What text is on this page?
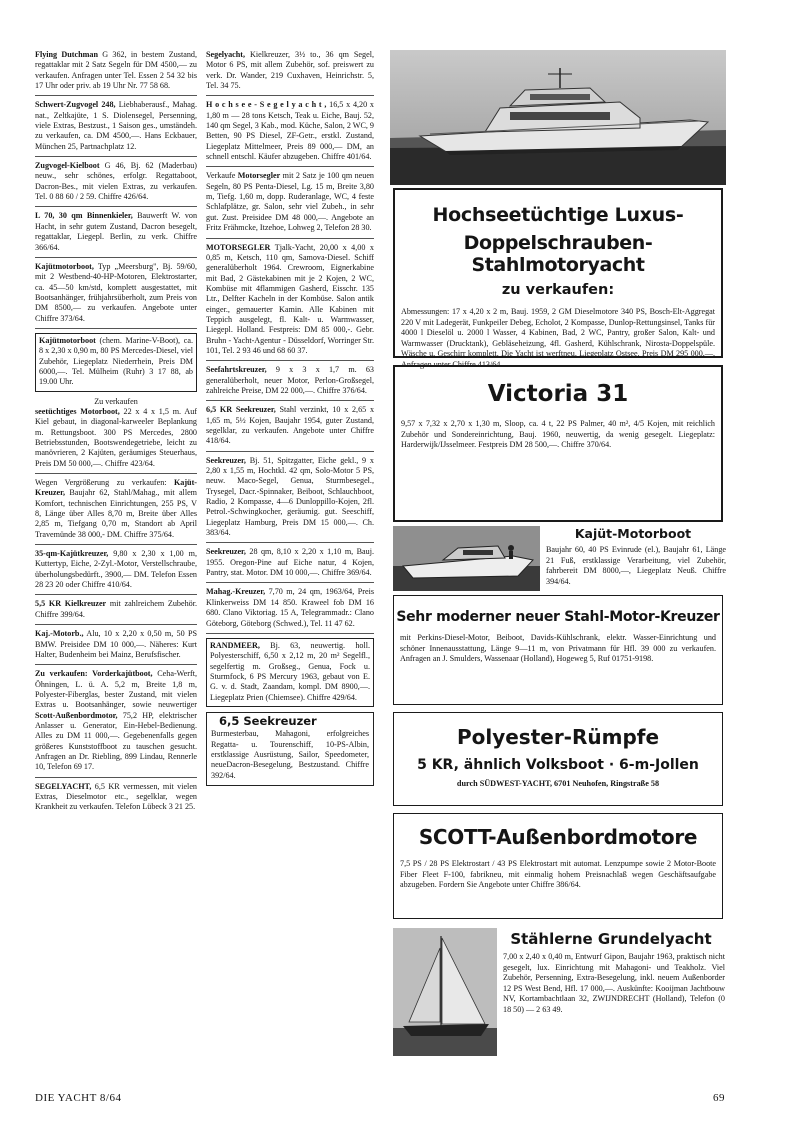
Flying Dutchman G 362, in bestem Zustand, regattaklar mit 2 Satz Segeln für DM 4500,— zu verkaufen. Anfragen unter Tel. Essen 2 54 32 bis 17 Uhr oder priv. ab 19 Uhr Nr. 77 58 68.
Schwert-Zugvogel 248, Liebhaberausf., Mahag. nat., Zeltkajüte, 1 S. Diolensegel, Persenning, viele Extras, Bestzust., 1 Saison ges., umständeh. zu verkaufen, ca. DM 4500,—. Hans Eckbauer, München 25, Partnachplatz 12.
Zugvogel-Kielboot G 46, Bj. 62 (Maderbau) neuw., sehr schönes, erfolgr. Regattaboot, Dacron-Bes., mit vielen Extras, zu verkaufen. Tel. 0 88 60 / 2 59. Chiffre 426/64.
L 70, 30 qm Binnenkieler, Bauwerft W. von Hacht, in sehr gutem Zustand, Dacron besegelt, regattaklar, Liegepl. Berlin, zu verk. Chiffre 366/64.
Kajütmotorboot, Typ „Meersburg", Bj. 59/60, mit 2 Westbend-40-HP-Motoren, Elektrostarter, ca. 45—50 km/std, komplett ausgestattet, mit Bootsanhänger, frühjahrsüberholt, zum Preis von DM 8500,— zu verkaufen. Angebote unter Chiffre 373/64.
Kajütmotorboot (chem. Marine-V-Boot), ca. 8 x 2,30 x 0,90 m, 80 PS Mercedes-Diesel, viel Zubehör, Liegeplatz Niederrhein, Preis DM 6000,—. Tel. Mülheim (Ruhr) 3 17 88, ab 19.00 Uhr.
Zu verkaufen
seetüchtiges Motorboot, 22 x 4 x 1,5 m. Auf Kiel gebaut, in diagonal-karweeler Beplankung m. Rettungsboot. 300 PS Mercedes, 2800 Betriebsstunden, Bootswendegetriebe, leicht zu manövrieren, 2 Kajüten, geräumiges Steuerhaus, Preis DM 50 000,—. Chiffre 423/64.
Wegen Vergrößerung zu verkaufen: Kajüt-Kreuzer, Baujahr 62, Stahl/Mahag., mit allem Komfort, technischen Einrichtungen, 255 PS, V 8, Länge über Alles 8,70 m, Breite über Alles 2,85 m, Tiefgang 0,70 m, Standort ab April Travemünde 38 000,- DM. Chiffre 375/64.
35-qm-Kajütkreuzer, 9,80 x 2,30 x 1,00 m, Kuttertyp, Eiche, 2-Zyl.-Motor, Verstellschraube, überholungsbedürft., 3900,— DM. Telefon Essen 28 23 20 oder Chiffre 410/64.
5,5 KR Kielkreuzer mit zahlreichem Zubehör. Chiffre 399/64.
Kaj.-Motorb., Alu, 10 x 2,20 x 0,50 m, 50 PS BMW. Preisidee DM 10 000,—. Näheres: Kurt Halter, Budenheim bei Mainz, Berufsfischer.
Zu verkaufen: Vorderkajütboot, Ceha-Werft, Öhningen, L. ü. A. 5,2 m, Breite 1,8 m, Polyester-Fiberglas, bester Zustand, mit vielen Extras u. Bootsanhänger, sowie neuwertiger Scott-Außenbordmotor, 75,2 HP, elektrischer Anlasser u. Generator, Ein-Hebel-Bedienung. Alles zu DM 11 000,—. Gegebenenfalls gegen größeres Kunststoffboot zu tauschen gesucht. Anfragen an Dr. Riebling, 899 Lindau, Rennerle 10, Telefon 69 17.
SEGELYACHT, 6,5 KR vermessen, mit vielen Extras, Dieselmotor etc., segelklar, wegen Krankheit zu verkaufen. Telefon Lübeck 3 21 25.
Segelyacht, Kielkreuzer, 3½ to., 36 qm Segel, Motor 6 PS, mit allem Zubehör, sof. preiswert zu verk. Dr. Wander, 219 Cuxhaven, Heinrichstr. 5, Tel. 34 75.
H o c h s e e - S e g e l y a c h t , 16,5 x 4,20 x 1,80 m — 28 tons Ketsch, Teak u. Eiche, Bauj. 52, 140 qm Segel, 3 Kab., mod. Küche, Salon, 2 WC, 9 Betten, 90 PS Diesel, ZF-Getr., erstkl. Zustand, Liegeplatz Mittelmeer, Preis 89 000,— DM, an schnell entschl. Käufer abzugeben. Chiffre 401/64.
Verkaufe Motorsegler mit 2 Satz je 100 qm neuen Segeln, 80 PS Penta-Diesel, Lg. 15 m, Breite 3,80 m, Tiefg. 1,60 m, dopp. Ruderanlage, WC, 4 feste Schlafplätze, gr. Salon, sehr viel Zubeh., in sehr gut. Zust. Preisidee DM 48 000,—. Angebote an Fritz Frähmcke, Itzehoe, Lohweg 2, Telefon 28 30.
MOTORSEGLER Tjalk-Yacht, 20,00 x 4,00 x 0,85 m, Ketsch, 110 qm, Samova-Diesel. Schiff generalüberholt 1964. Crewroom, Eignerkabine mit Bad, 2 Gästekabinen mit je 2 Kojen, 2 WC, Kombüse mit 4flammigen Gasherd, Eisschr. 135 Ltr., Delfter Kacheln in der Kombüse. Salon antik einger., gemauerter Kamin. Alle Kabinen mit Teppich ausgelegt, fl. Kalt- u. Warmwasser, Liegepl. Holland. Festpreis: DM 85 000,-. Gebr. Bruhn - Yacht-Agentur - Düsseldorf, Worringer Str. 101, Tel. 2 93 46 und 68 60 37.
Seefahrtskreuzer, 9 x 3 x 1,7 m. 63 generalüberholt, neuer Motor, Perlon-Großsegel, zahlreiche Preise, DM 22 000,—. Chiffre 376/64.
6,5 KR Seekreuzer, Stahl verzinkt, 10 x 2,65 x 1,65 m, 5½ Kojen, Baujahr 1954, guter Zustand, segelklar, zu verkaufen. Angebote unter Chiffre 418/64.
Seekreuzer, Bj. 51, Spitzgatter, Eiche gekl., 9 x 2,80 x 1,55 m, Hochtkl. 42 qm, Solo-Motor 5 PS, neuw. Maco-Segel, Genua, Sturmbesegel., Trysegel, Dacr.-Spinnaker, Beiboot, Schlauchboot, Radio, 2 Kompasse, 4—6 Dunloppillo-Kojen, 2fl. Petrol.-Schwingkocher, geräumig. gut. Seeschiff, Liegeplatz Hamburg, Preis DM 15 000,—. Ch. 383/64.
Seekreuzer, 28 qm, 8,10 x 2,20 x 1,10 m, Bauj. 1955. Oregon-Pine auf Eiche natur, 4 Kojen, Pantry, stat. Motor. DM 10 000,—. Chiffre 369/64.
Mahag.-Kreuzer, 7,70 m, 24 qm, 1963/64, Preis Klinkerweiss DM 14 850. Kraweel fob DM 16 680. Clano Viktoriag. 15 A, Telegrammadr.: Clano Göteborg, Göteborg (Schwed.), Tel. 11 47 62.
RANDMEER, Bj. 63, neuwertig. holl. Polyesterschiff, 6,50 x 2,12 m, 20 m² Segelfl., segelfertig m. Großseg., Genua, Fock u. Sturmfock, 6 PS Mercury 1963, gebaut von E. G. v. d. Stadt, Zaandam, kompl. DM 8900,—. Liegeplatz Prien (Chiemsee). Chiffre 429/64.
6,5 Seekreuzer
Burmesterbau, Mahagoni, erfolgreiches Regatta- u. Tourenschiff, 10-PS-Albin, erstklassige Ausrüstung, Sailor, Speedometer, neueDacron-Besegelung, Bestzustand. Chiffre 392/64.
Hochseetüchtige Luxus-
Doppelschrauben-Stahlmotoryacht
zu verkaufen:
Abmessungen: 17 x 4,20 x 2 m, Bauj. 1959, 2 GM Dieselmotore 340 PS, Bosch-Elt-Aggregat 220 V mit Ladegerät, Funkpeiler Debeg, Echolot, 2 Kompasse, Dunlop-Rettungsinsel, Tanks für 4000 l Dieselöl u. 2000 l Wasser, 4 Kabinen, Bad, 2 WC, Pantry, großer Salon, Kalt- und Warmwasser (Drucktank), Gebläseheizung, 4fl. Gasherd, Kühlschrank, Nirosta-Doppelspüle. Wäsche u. Geschirr komplett. Die Yacht ist werftneu. Liegeplatz Ostsee. Preis DM 295 000,—. Anfragen unter Chiffre 413/64.
Victoria 31
9,57 x 7,32 x 2,70 x 1,30 m, Sloop, ca. 4 t, 22 PS Palmer, 40 m², 4/5 Kojen, mit reichlich Zubehör und Sondereinrichtung, Bauj. 1960, neuwertig, da wenig gesegelt. Liegeplatz: Harderwijk/IJsselmeer. Festpreis DM 28 500,—. Chiffre 370/64.
Kajüt-Motorboot
Baujahr 60, 40 PS Evinrude (el.), Baujahr 61, Länge 21 Fuß, erstklassige Verarbeitung, viel Zubehör, fahrbereit DM 8000,—, Liegeplatz Neuß. Chiffre 394/64.
Sehr moderner neuer Stahl-Motor-Kreuzer
mit Perkins-Diesel-Motor, Beiboot, Davids-Kühlschrank, elektr. Wasser-Einrichtung und schöner Innenausstattung, Länge 9—11 m, von Privatmann für Hfl. 39 000 zu verkaufen. Anfragen an J. Smulders, Wassenaar (Holland), Hogeweg 5, Ruf 01751-9198.
Polyester-Rümpfe
5 KR, ähnlich Volksboot · 6-m-Jollen
durch SÜDWEST-YACHT, 6701 Neuhofen, Ringstraße 58
SCOTT-Außenbordmotore
7,5 PS / 28 PS Elektrostart / 43 PS Elektrostart mit automat. Lenzpumpe sowie 2 Motor-Boote Fiber Fleet F-100, fabrikneu, mit einmalig hohem Preisnachlaß wegen Geschäftsaufgabe abzugeben. Fordern Sie Angebote unter Chiffre 386/64.
Stählerne Grundelyacht
7,00 x 2,40 x 0,40 m, Entwurf Gipon, Baujahr 1963, praktisch nicht gesegelt, lux. Einrichtung mit Mahagoni- und Teakholz. Viel Zubehör, Persenning, Extra-Besegelung, inkl. neuem Außenborder 12 PS West Bend, Hfl. 17 000,—. Auskünfte: Kooijman Jachtbouw NV, Kortambachtlaan 32, ZWIJNDRECHT (Holland), Telefon (0 18 50) — 2 63 49.
DIE YACHT 8/64	69
